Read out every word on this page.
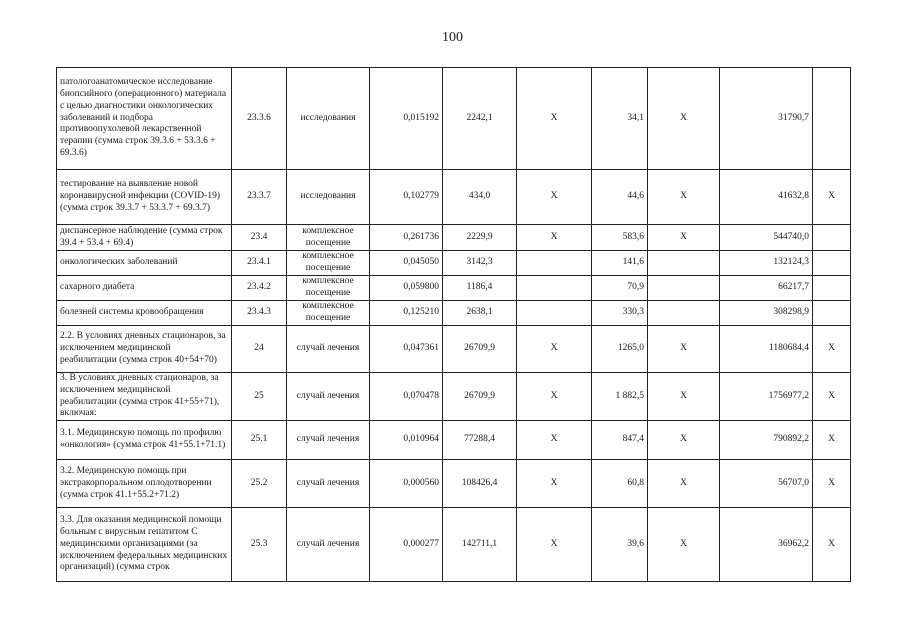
100
патологоанатомическое исследование биопсийного (операционного) материала с целью диагностики онкологических заболеваний и подбора противоопухолевой лекарственной терапии (сумма строк 39.3.6 + 53.3.6 + 69.3.6)	23.3.6	исследования	0,015192	2242,1	X	34,1	X	31790,7	
тестирование на выявление новой коронавирусной инфекции (COVID-19) (сумма строк 39.3.7 + 53.3.7 + 69.3.7)	23.3.7	исследования	0,102779	434,0	X	44,6	X	41632,8	X
диспансерное наблюдение (сумма строк 39.4 + 53.4 + 69.4)	23.4	комплексное посещение	0,261736	2229,9	X	583,6	X	544740,0	
онкологических заболеваний	23.4.1	комплексное посещение	0,045050	3142,3		141,6		132124,3	
сахарного диабета	23.4.2	комплексное посещение	0,059800	1186,4		70,9		66217,7	
болезней системы кровообращения	23.4.3	комплексное посещение	0,125210	2638,1		330,3		308298,9	
2.2. В условиях дневных стационаров, за исключением медицинской реабилитации (сумма строк 40+54+70)	24	случай лечения	0,047361	26709,9	X	1265,0	X	1180684,4	X
3. В условиях дневных стационаров, за исключением медицинской реабилитации (сумма строк 41+55+71), включая:	25	случай лечения	0,070478	26709,9	X	1 882,5	X	1756977,2	X
3.1. Медицинскую помощь по профилю «онкология» (сумма строк 41+55.1+71.1)	25.1	случай лечения	0,010964	77288,4	X	847,4	X	790892,2	X
3.2. Медицинскую помощь при экстракорпоральном оплодотворении (сумма строк 41.1+55.2+71.2)	25.2	случай лечения	0,000560	108426,4	X	60,8	X	56707,0	X
3.3. Для оказания медицинской помощи больным с вирусным гепатитом С медицинскими организациями (за исключением федеральных медицинских организаций) (сумма строк	25.3	случай лечения	0,000277	142711,1	X	39,6	X	36962,2	X
